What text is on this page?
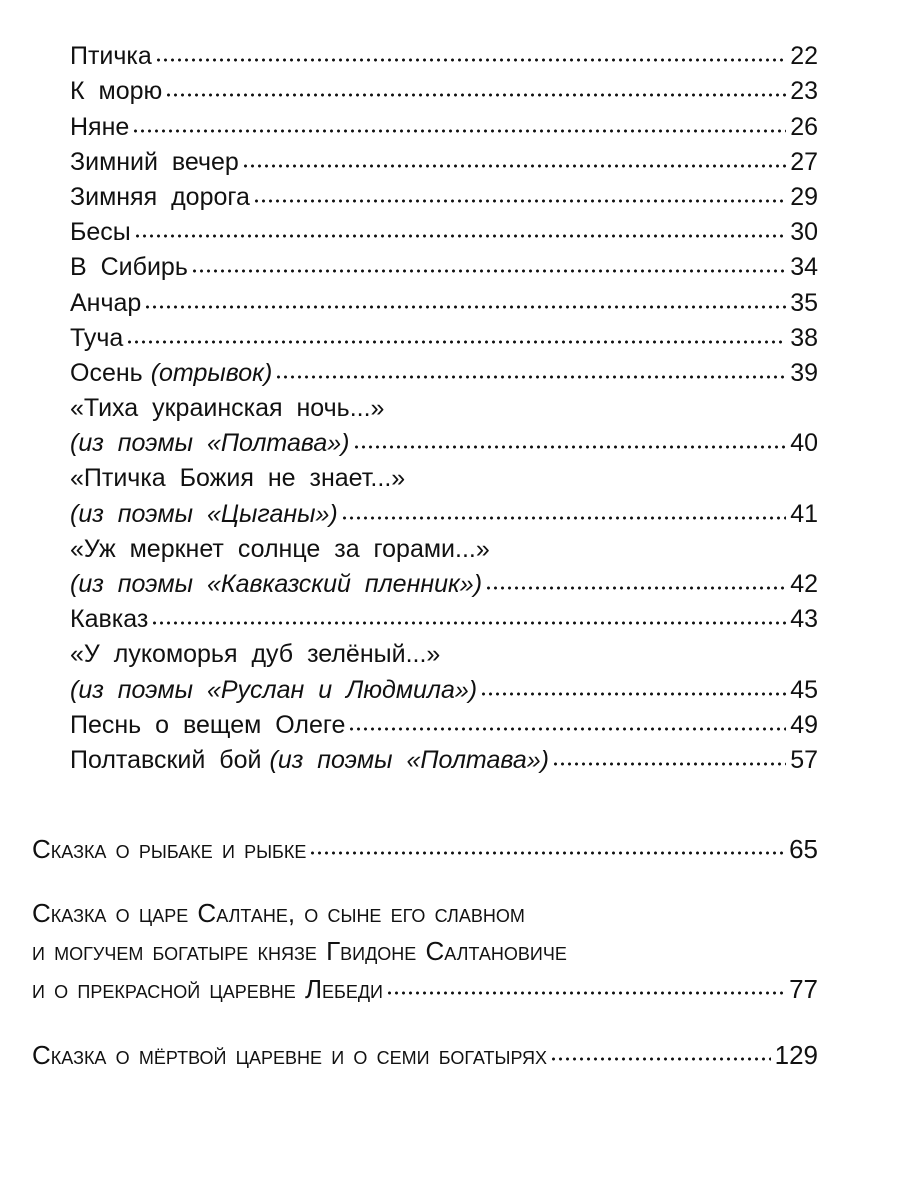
Птичка	22
К морю	23
Няне	26
Зимний вечер	27
Зимняя дорога	29
Бесы	30
В Сибирь	34
Анчар	35
Туча	38
Осень (отрывок)	39
«Тиха украинская ночь...»
(из поэмы «Полтава»)	40
«Птичка Божия не знает...»
(из поэмы «Цыганы»)	41
«Уж меркнет солнце за горами...»
(из поэмы «Кавказский пленник»)	42
Кавказ	43
«У лукоморья дуб зелёный...»
(из поэмы «Руслан и Людмила»)	45
Песнь о вещем Олеге	49
Полтавский бой (из поэмы «Полтава»)	57
Сказка о рыбаке и рыбке	65
Сказка о царе Салтане, о сыне его славном
и могучем богатыре князе Гвидоне Салтановиче
и о прекрасной царевне Лебеди	77
Сказка о мёртвой царевне и о семи богатырях	129
